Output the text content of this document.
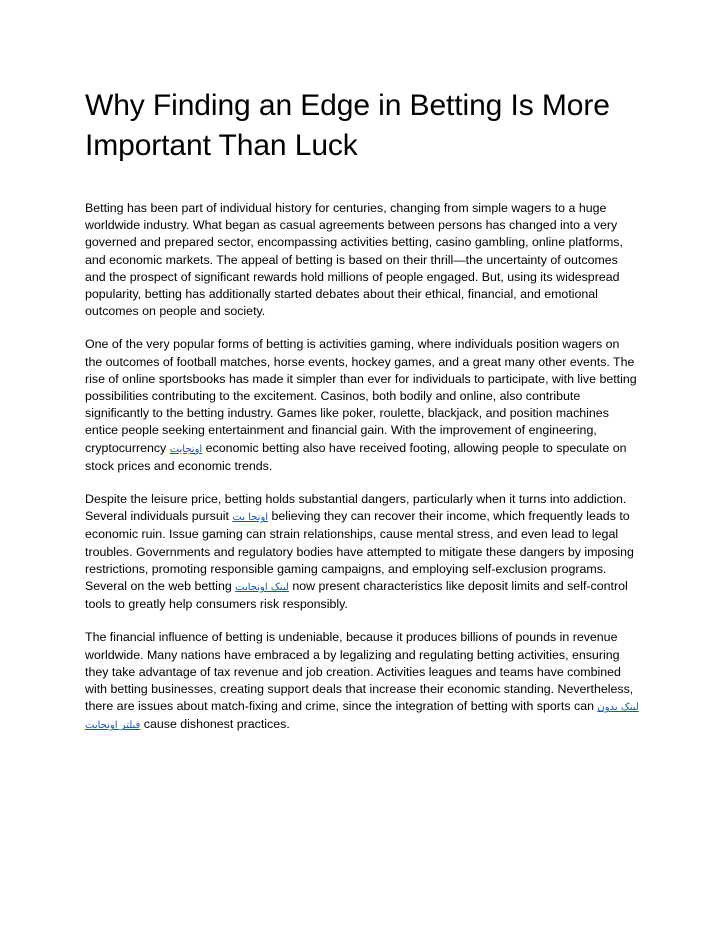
Why Finding an Edge in Betting Is More Important Than Luck

Betting has been part of individual history for centuries, changing from simple wagers to a huge worldwide industry. What began as casual agreements between persons has changed into a very governed and prepared sector, encompassing activities betting, casino gambling, online platforms, and economic markets. The appeal of betting is based on their thrill—the uncertainty of outcomes and the prospect of significant rewards hold millions of people engaged. But, using its widespread popularity, betting has additionally started debates about their ethical, financial, and emotional outcomes on people and society.

One of the very popular forms of betting is activities gaming, where individuals position wagers on the outcomes of football matches, horse events, hockey games, and a great many other events. The rise of online sportsbooks has made it simpler than ever for individuals to participate, with live betting possibilities contributing to the excitement. Casinos, both bodily and online, also contribute significantly to the betting industry. Games like poker, roulette, blackjack, and position machines entice people seeking entertainment and financial gain. With the improvement of engineering, cryptocurrency اونجایت economic betting also have received footing, allowing people to speculate on stock prices and economic trends.

Despite the leisure price, betting holds substantial dangers, particularly when it turns into addiction. Several individuals pursuit اونجا بت believing they can recover their income, which frequently leads to economic ruin. Issue gaming can strain relationships, cause mental stress, and even lead to legal troubles. Governments and regulatory bodies have attempted to mitigate these dangers by imposing restrictions, promoting responsible gaming campaigns, and employing self-exclusion programs. Several on the web betting لینک اونجابت now present characteristics like deposit limits and self-control tools to greatly help consumers risk responsibly.

The financial influence of betting is undeniable, because it produces billions of pounds in revenue worldwide. Many nations have embraced a by legalizing and regulating betting activities, ensuring they take advantage of tax revenue and job creation. Activities leagues and teams have combined with betting businesses, creating support deals that increase their economic standing. Nevertheless, there are issues about match-fixing and crime, since the integration of betting with sports can لینک بدون فیلتر اونجابت cause dishonest practices.
